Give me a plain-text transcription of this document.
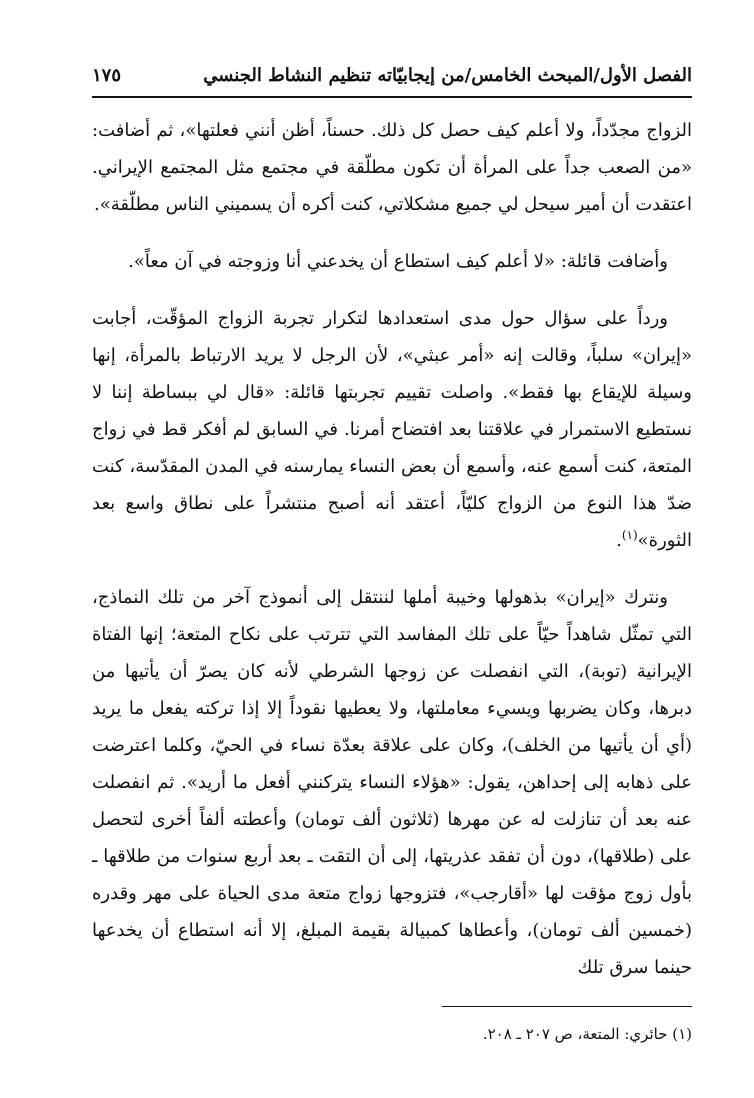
الفصل الأول/المبحث الخامس/من إيجابيّاته تنظيم النشاط الجنسي
١٧٥

الزواج مجدّداً، ولا أعلم كيف حصل كل ذلك. حسناً، أظن أنني فعلتها»، ثم أضافت: «من الصعب جداً على المرأة أن تكون مطلّقة في مجتمع مثل المجتمع الإيراني. اعتقدت أن أمير سيحل لي جميع مشكلاتي، كنت أكره أن يسميني الناس مطلّقة».

وأضافت قائلة: «لا أعلم كيف استطاع أن يخدعني أنا وزوجته في آن معاً».

ورداً على سؤال حول مدى استعدادها لتكرار تجربة الزواج المؤقّت، أجابت «إيران» سلباً، وقالت إنه «أمر عبثي»، لأن الرجل لا يريد الارتباط بالمرأة، إنها وسيلة للإيقاع بها فقط». واصلت تقييم تجربتها قائلة: «قال لي ببساطة إننا لا نستطيع الاستمرار في علاقتنا بعد افتضاح أمرنا. في السابق لم أفكر قط في زواج المتعة، كنت أسمع عنه، وأسمع أن بعض النساء يمارسنه في المدن المقدّسة، كنت ضدّ هذا النوع من الزواج كليّاً، أعتقد أنه أصبح منتشراً على نطاق واسع بعد الثورة»$^{(١)}$.

ونترك «إيران» بذهولها وخيبة أملها لننتقل إلى أنموذج آخر من تلك النماذج، التي تمثّل شاهداً حيّاً على تلك المفاسد التي تترتب على نكاح المتعة؛ إنها الفتاة الإيرانية (توبة)، التي انفصلت عن زوجها الشرطي لأنه كان يصرّ أن يأتيها من دبرها، وكان يضربها ويسيء معاملتها، ولا يعطيها نقوداً إلا إذا تركته يفعل ما يريد (أي أن يأتيها من الخلف)، وكان على علاقة بعدّة نساء في الحيّ، وكلما اعترضت على ذهابه إلى إحداهن، يقول: «هؤلاء النساء يتركنني أفعل ما أريد». ثم انفصلت عنه بعد أن تنازلت له عن مهرها (ثلاثون ألف تومان) وأعطته ألفاً أخرى لتحصل على (طلاقها)، دون أن تفقد عذريتها، إلى أن التقت ـ بعد أربع سنوات من طلاقها ـ بأول زوج مؤقت لها «أقارجب»، فتزوجها زواج متعة مدى الحياة على مهر وقدره (خمسين ألف تومان)، وأعطاها كمبيالة بقيمة المبلغ، إلا أنه استطاع أن يخدعها حينما سرق تلك

(١) حائري: المتعة، ص ٢٠٧ ـ ٢٠٨.
